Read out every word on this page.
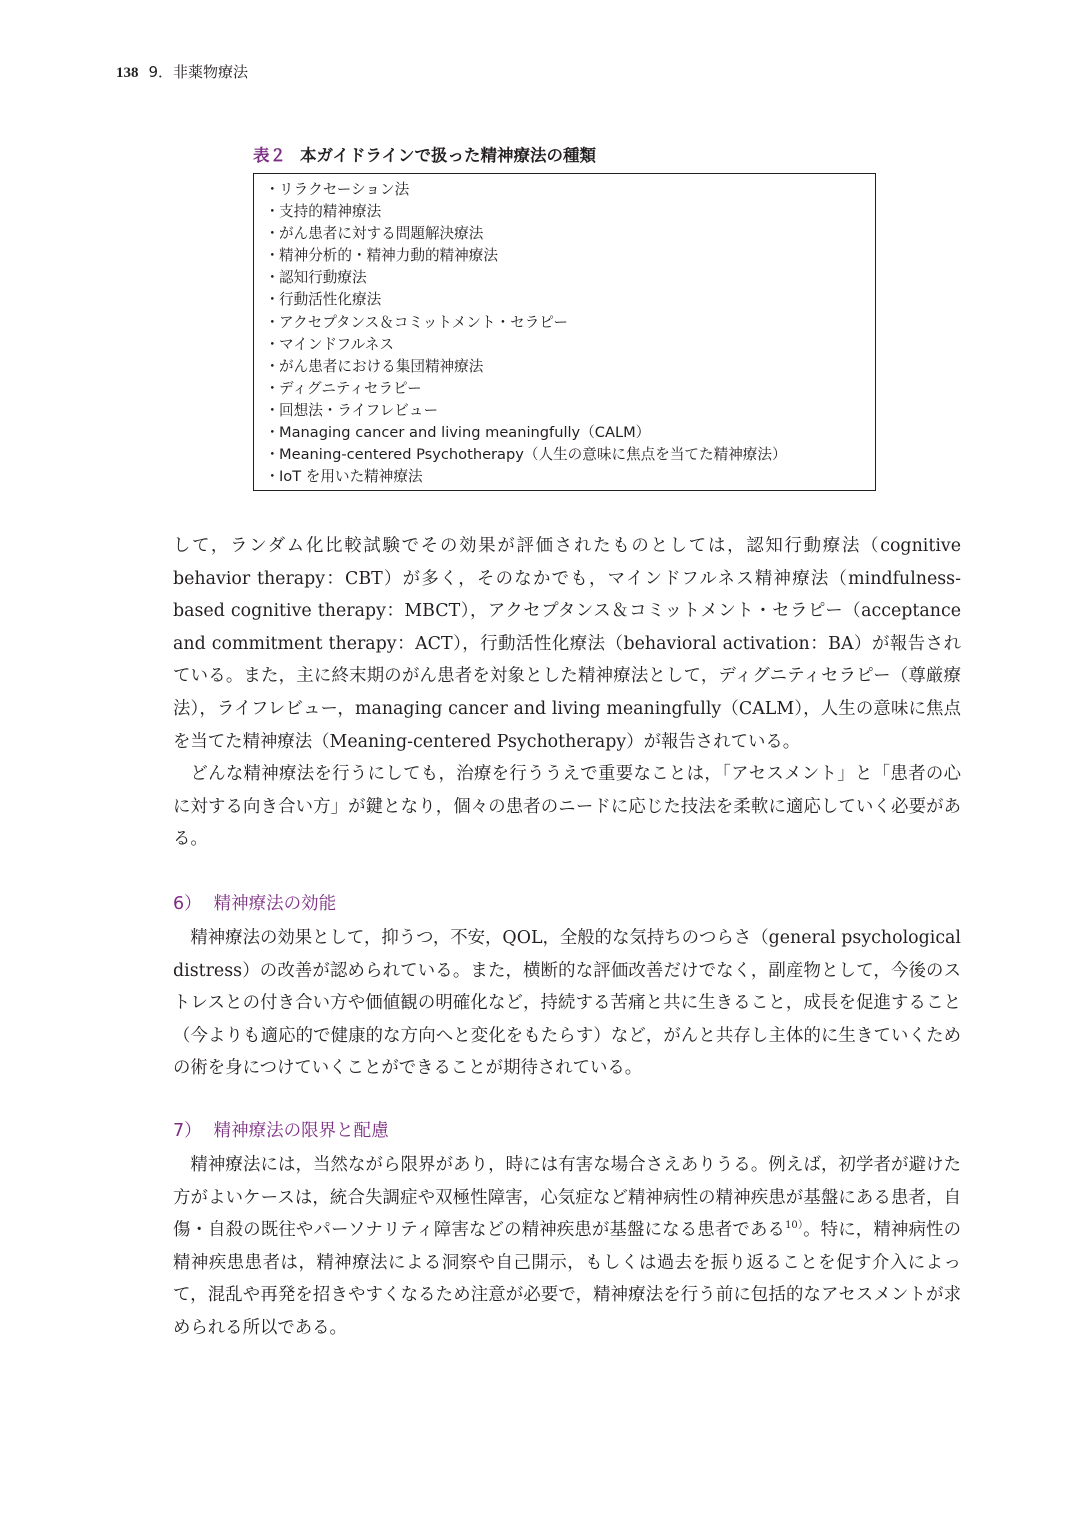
138 9．非薬物療法
表２ 本ガイドラインで扱った精神療法の種類
・リラクセーション法
・支持的精神療法
・がん患者に対する問題解決療法
・精神分析的・精神力動的精神療法
・認知行動療法
・行動活性化療法
・アクセプタンス＆コミットメント・セラピー
・マインドフルネス
・がん患者における集団精神療法
・ディグニティセラピー
・回想法・ライフレビュー
・Managing cancer and living meaningfully（CALM）
・Meaning-centered Psychotherapy（人生の意味に焦点を当てた精神療法）
・IoT を用いた精神療法

して，ランダム化比較試験でその効果が評価されたものとしては，認知行動療法（cognitive behavior therapy：CBT）が多く，そのなかでも，マインドフルネス精神療法（mindfulness-based cognitive therapy：MBCT），アクセプタンス＆コミットメント・セラピー（acceptance and commitment therapy：ACT），行動活性化療法（behavioral activation：BA）が報告されている。また，主に終末期のがん患者を対象とした精神療法として，ディグニティセラピー（尊厳療法），ライフレビュー，managing cancer and living meaningfully（CALM），人生の意味に焦点を当てた精神療法（Meaning-centered Psychotherapy）が報告されている。

どんな精神療法を行うにしても，治療を行ううえで重要なことは，「アセスメント」と「患者の心に対する向き合い方」が鍵となり，個々の患者のニードに応じた技法を柔軟に適応していく必要がある。

6） 精神療法の効能

精神療法の効果として，抑うつ，不安，QOL，全般的な気持ちのつらさ（general psychological distress）の改善が認められている。また，横断的な評価改善だけでなく，副産物として，今後のストレスとの付き合い方や価値観の明確化など，持続する苦痛と共に生きること，成長を促進すること（今よりも適応的で健康的な方向へと変化をもたらす）など，がんと共存し主体的に生きていくための術を身につけていくことができることが期待されている。

7） 精神療法の限界と配慮

精神療法には，当然ながら限界があり，時には有害な場合さえありうる。例えば，初学者が避けた方がよいケースは，統合失調症や双極性障害，心気症など精神病性の精神疾患が基盤にある患者，自傷・自殺の既往やパーソナリティ障害などの精神疾患が基盤になる患者である$^{10)}$。特に，精神病性の精神疾患患者は，精神療法による洞察や自己開示，もしくは過去を振り返ることを促す介入によって，混乱や再発を招きやすくなるため注意が必要で，精神療法を行う前に包括的なアセスメントが求められる所以である。
